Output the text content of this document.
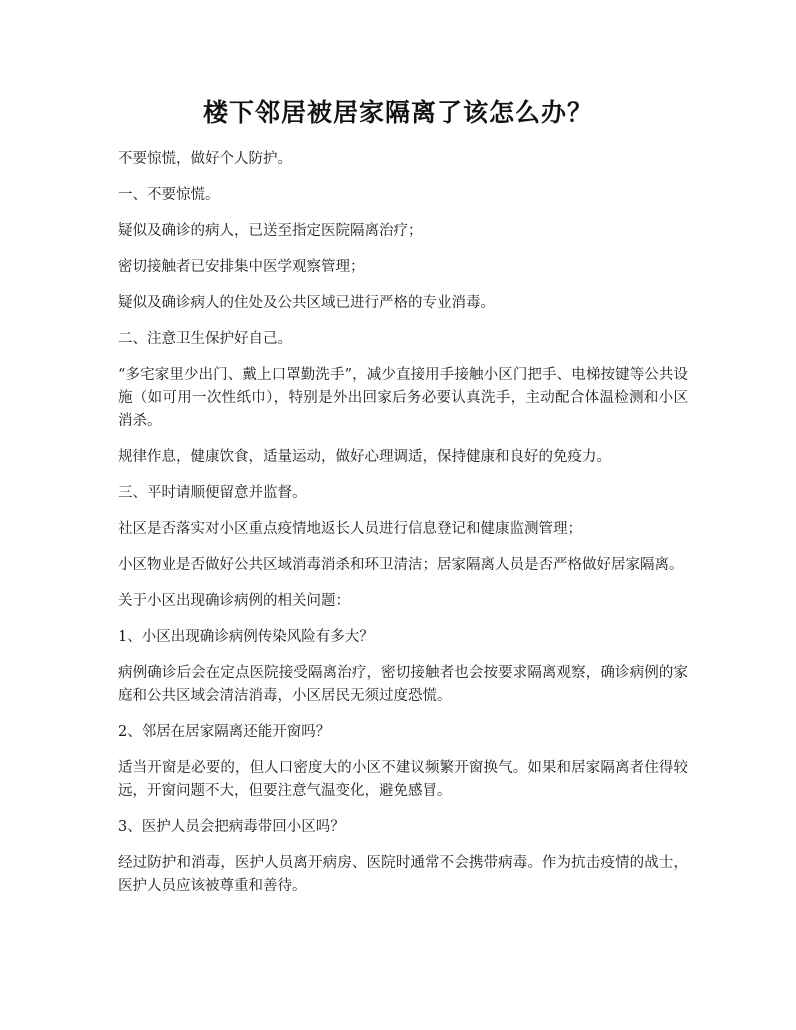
楼下邻居被居家隔离了该怎么办？

不要惊慌，做好个人防护。

一、不要惊慌。

疑似及确诊的病人，已送至指定医院隔离治疗；

密切接触者已安排集中医学观察管理；

疑似及确诊病人的住处及公共区域已进行严格的专业消毒。

二、注意卫生保护好自己。

“多宅家里少出门、戴上口罩勤洗手”，减少直接用手接触小区门把手、电梯按键等公共设施（如可用一次性纸巾），特别是外出回家后务必要认真洗手，主动配合体温检测和小区消杀。

规律作息，健康饮食，适量运动，做好心理调适，保持健康和良好的免疫力。

三、平时请顺便留意并监督。

社区是否落实对小区重点疫情地返长人员进行信息登记和健康监测管理；

小区物业是否做好公共区域消毒消杀和环卫清洁；居家隔离人员是否严格做好居家隔离。

关于小区出现确诊病例的相关问题：

1、小区出现确诊病例传染风险有多大？

病例确诊后会在定点医院接受隔离治疗，密切接触者也会按要求隔离观察，确诊病例的家庭和公共区域会清洁消毒，小区居民无须过度恐慌。

2、邻居在居家隔离还能开窗吗？

适当开窗是必要的，但人口密度大的小区不建议频繁开窗换气。如果和居家隔离者住得较远，开窗问题不大，但要注意气温变化，避免感冒。

3、医护人员会把病毒带回小区吗？

经过防护和消毒，医护人员离开病房、医院时通常不会携带病毒。作为抗击疫情的战士，医护人员应该被尊重和善待。
